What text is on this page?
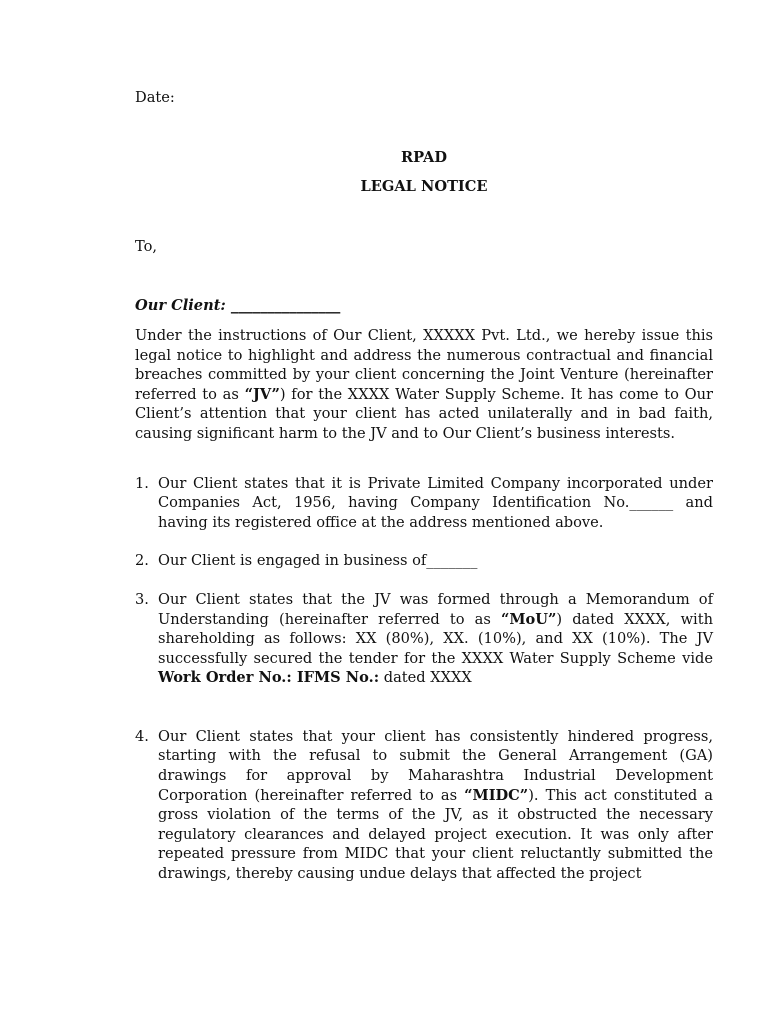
Date:
RPAD
LEGAL NOTICE
To,
Our Client: _______________
Under the instructions of Our Client, XXXXX Pvt. Ltd., we hereby issue this legal notice to highlight and address the numerous contractual and financial breaches committed by your client concerning the Joint Venture (hereinafter referred to as “JV”) for the XXXX Water Supply Scheme. It has come to Our Client’s attention that your client has acted unilaterally and in bad faith, causing significant harm to the JV and to Our Client’s business interests.
1. Our Client states that it is Private Limited Company incorporated under Companies Act, 1956, having Company Identification No.______ and having its registered office at the address mentioned above.
2. Our Client is engaged in business of_______
3. Our Client states that the JV was formed through a Memorandum of Understanding (hereinafter referred to as “MoU”) dated XXXX, with shareholding as follows: XX (80%), XX. (10%), and XX (10%). The JV successfully secured the tender for the XXXX Water Supply Scheme vide Work Order No.: IFMS No.: dated XXXX
4. Our Client states that your client has consistently hindered progress, starting with the refusal to submit the General Arrangement (GA) drawings for approval by Maharashtra Industrial Development Corporation (hereinafter referred to as “MIDC”). This act constituted a gross violation of the terms of the JV, as it obstructed the necessary regulatory clearances and delayed project execution. It was only after repeated pressure from MIDC that your client reluctantly submitted the drawings, thereby causing undue delays that affected the project
